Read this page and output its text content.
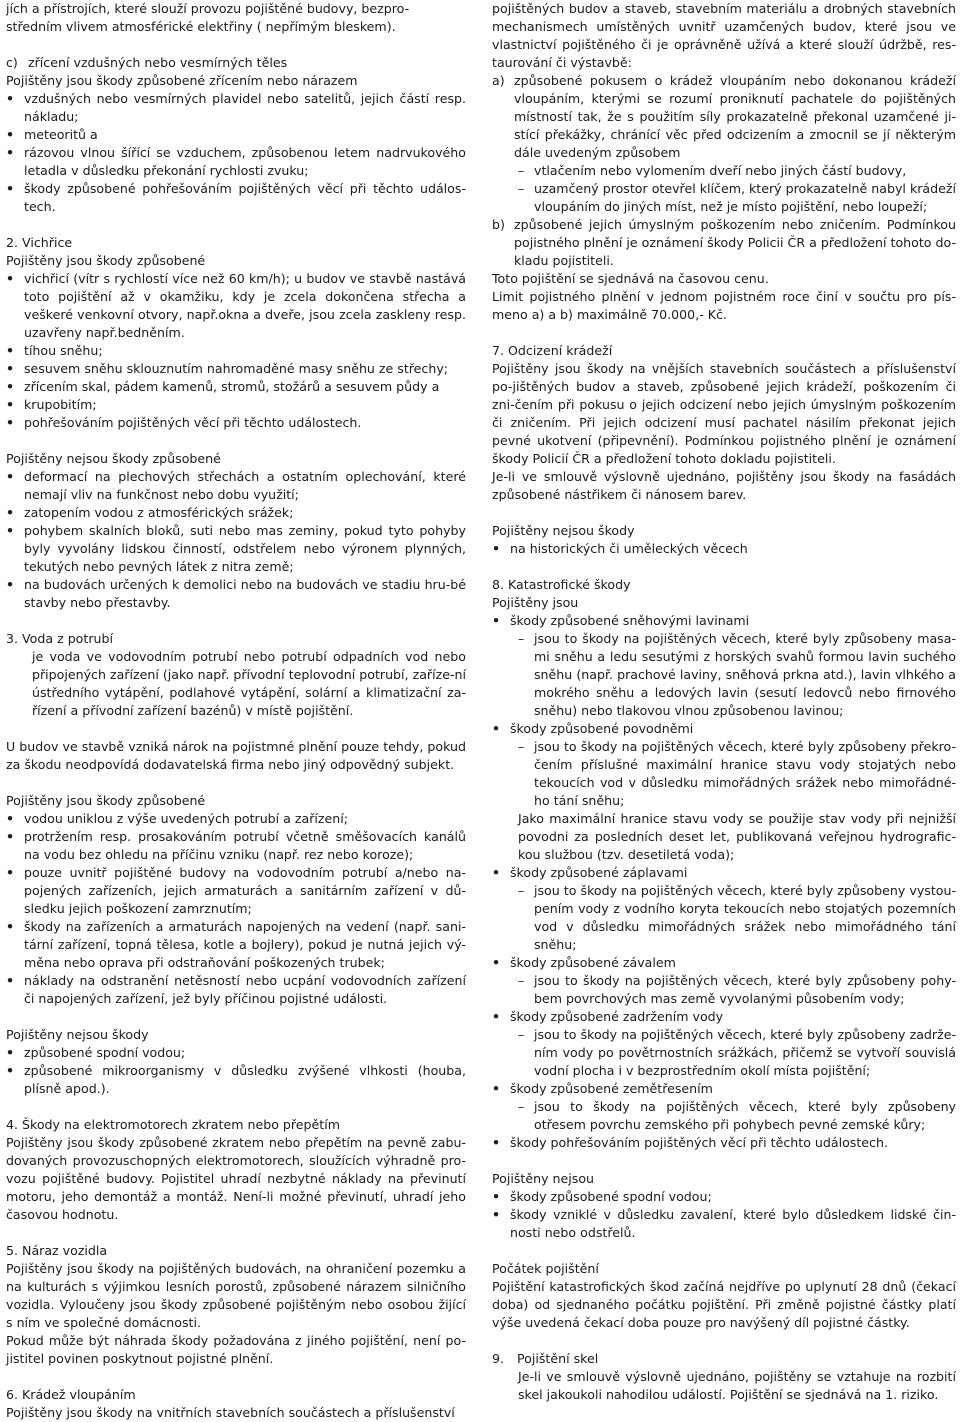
jích a přístrojích, které slouží provozu pojištěné budovy, bezpro-

středním vlivem atmosférické elektřiny ( nepřímým bleskem).

c) zřícení vzdušných nebo vesmírných těles

Pojištěny jsou škody způsobené zřícením nebo nárazem

• vzdušných nebo vesmírných plavidel nebo satelitů, jejich částí resp. nákladu;

• meteoritů a

• rázovou vlnou šířící se vzduchem, způsobenou letem nadrvukového letadla v důsledku překonání rychlosti zvuku;

• škody způsobené pohřešováním pojištěných věcí při těchto událos-tech.

2. Vichřice

Pojištěny jsou škody způsobené

• vichřicí (vítr s rychlostí více než 60 km/h); u budov ve stavbě nastává toto pojištění až v okamžiku, kdy je zcela dokončena střecha a veškeré venkovní otvory, např.okna a dveře, jsou zcela zaskleny resp. uzavřeny např.bedněním.

• tíhou sněhu;

• sesuvem sněhu sklouznutím nahromaděné masy sněhu ze střechy;

• zřícením skal, pádem kamenů, stromů, stožárů a sesuvem půdy a

• krupobitím;

• pohřešováním pojištěných věcí při těchto událostech.

Pojištěny nejsou škody způsobené

• deformací na plechových střechách a ostatním oplechování, které nemají vliv na funkčnost nebo dobu využití;

• zatopením vodou z atmosférických srážek;

• pohybem skalních bloků, suti nebo mas zeminy, pokud tyto pohyby byly vyvolány lidskou činností, odstřelem nebo výronem plynných, tekutých nebo pevných látek z nitra země;

• na budovách určených k demolici nebo na budovách ve stadiu hru-bé stavby nebo přestavby.

3. Voda z potrubí

je voda ve vodovodním potrubí nebo potrubí odpadních vod nebo připojených zařízení (jako např. přívodní teplovodní potrubí, zaříze-ní ústředního vytápění, podlahové vytápění, solární a klimatizační za-řízení a přívodní zařízení bazénů) v místě pojištění.

U budov ve stavbě vzniká nárok na pojistmné plnění pouze tehdy, pokud za škodu neodpovídá dodavatelská firma nebo jiný odpovědný subjekt.

Pojištěny jsou škody způsobené

• vodou uniklou z výše uvedených potrubí a zařízení;

• protržením resp. prosakováním potrubí včetně směšovacích kanálů na vodu bez ohledu na příčinu vzniku (např. rez nebo koroze);

• pouze uvnitř pojištěné budovy na vodovodním potrubí a/nebo na-pojených zařízeních, jejich armaturách a sanitárním zařízení v dů-sledku jejich poškození zamrznutím;

• škody na zařízeních a armaturách napojených na vedení (např. sani-tární zařízení, topná tělesa, kotle a bojlery), pokud je nutná jejich vý-měna nebo oprava při odstraňování poškozených trubek;

• náklady na odstranění netěsností nebo ucpání vodovodních zařízení či napojených zařízení, jež byly příčinou pojistné události.

Pojištěny nejsou škody

• způsobené spodní vodou;

• způsobené mikroorganismy v důsledku zvýšené vlhkosti (houba, plísně apod.).

4. Škody na elektromotorech zkratem nebo přepětím

Pojištěny jsou škody způsobené zkratem nebo přepětím na pevně zabu-dovaných provozuschopných elektromotorech, sloužících výhradně pro-vozu pojištěné budovy. Pojistitel uhradí nezbytné náklady na převinutí motoru, jeho demontáž a montáž. Není-li možné převinutí, uhradí jeho časovou hodnotu.

5. Náraz vozidla

Pojištěny jsou škody na pojištěných budovách, na ohraničení pozemku a na kulturách s výjimkou lesních porostů, způsobené nárazem silničního vozidla. Vyloučeny jsou škody způsobené pojištěným nebo osobou žijící s ním ve společné domácnosti.

Pokud může být náhrada škody požadována z jiného pojištění, není po-jistitel povinen poskytnout pojistné plnění.

6. Krádež vloupáním

Pojištěny jsou škody na vnitřních stavebních součástech a příslušenství

pojištěných budov a staveb, stavebním materiálu a drobných stavebních mechanismech umístěných uvnitř uzamčených budov, které jsou ve vlastnictví pojištěného či je oprávněně užívá a které slouží údržbě, res-taurování či výstavbě:

a) způsobené pokusem o krádež vloupáním nebo dokonanou krádeží vloupáním, kterými se rozumí proniknutí pachatele do pojištěných místností tak, že s použitím síly prokazatelně překonal uzamčené ji-stící překážky, chránící věc před odcizením a zmocnil se jí některým dále uvedeným způsobem

– vtlačením nebo vylomením dveří nebo jiných částí budovy,

– uzamčený prostor otevřel klíčem, který prokazatelně nabyl krádeží vloupáním do jiných míst, než je místo pojištění, nebo loupeží;

b) způsobené jejich úmyslným poškozením nebo zničením. Podmínkou pojistného plnění je oznámení škody Policii ČR a předložení tohoto do-kladu pojistiteli.

Toto pojištění se sjednává na časovou cenu.

Limit pojistného plnění v jednom pojistném roce činí v součtu pro pís-meno a) a b) maximálně 70.000,- Kč.

7. Odcizení krádeží

Pojištěny jsou škody na vnějších stavebních součástech a příslušenství po-jištěných budov a staveb, způsobené jejich krádeží, poškozením či zni-čením při pokusu o jejich odcizení nebo jejich úmyslným poškozením či zničením. Při jejich odcizení musí pachatel násilím překonat jejich pevné ukotvení (připevnění). Podmínkou pojistného plnění je oznámení škody Policií ČR a předložení tohoto dokladu pojistiteli.

Je-li ve smlouvě výslovně ujednáno, pojištěny jsou škody na fasádách způsobené nástřikem či nánosem barev.

Pojištěny nejsou škody

• na historických či uměleckých věcech

8. Katastrofické škody

Pojištěny jsou

• škody způsobené sněhovými lavinami

– jsou to škody na pojištěných věcech, které byly způsobeny masa-mi sněhu a ledu sesutými z horských svahů formou lavin suchého sněhu (např. prachové laviny, sněhová prkna atd.), lavin vlhkého a mokrého sněhu a ledových lavin (sesutí ledovců nebo firnového sněhu) nebo tlakovou vlnou způsobenou lavinou;

• škody způsobené povodněmi

– jsou to škody na pojištěných věcech, které byly způsobeny překro-čením příslušné maximální hranice stavu vody stojatých nebo tekoucích vod v důsledku mimořádných srážek nebo mimořádné-ho tání sněhu;

Jako maximální hranice stavu vody se použije stav vody při nejnižší povodni za posledních deset let, publikovaná veřejnou hydrografic-kou službou (tzv. desetiletá voda);

• škody způsobené záplavami

– jsou to škody na pojištěných věcech, které byly způsobeny vystou-pením vody z vodního koryta tekoucích nebo stojatých pozemních vod v důsledku mimořádných srážek nebo mimořádného tání sněhu;

• škody způsobené závalem

– jsou to škody na pojištěných věcech, které byly způsobeny pohy-bem povrchových mas země vyvolanými působením vody;

• škody způsobené zadržením vody

– jsou to škody na pojištěných věcech, které byly způsobeny zadrže-ním vody po povětrnostních srážkách, přičemž se vytvoří souvislá vodní plocha i v bezprostředním okolí místa pojištění;

• škody způsobené zemětřesením

– jsou to škody na pojištěných věcech, které byly způsobeny otřesem povrchu zemského při pohybech pevné zemské kůry;

• škody pohřešováním pojištěných věcí při těchto událostech.

Pojištěny nejsou

• škody způsobené spodní vodou;

• škody vzniklé v důsledku zavalení, které bylo důsledkem lidské čin-nosti nebo odstřelů.

Počátek pojištění

Pojištění katastrofických škod začíná nejdříve po uplynutí 28 dnů (čekací doba) od sjednaného počátku pojištění. Při změně pojistné částky platí výše uvedená čekací doba pouze pro navýšený díl pojistné částky.

9. Pojištění skel

Je-li ve smlouvě výslovně ujednáno, pojištěny se vztahuje na rozbití skel jakoukoli nahodilou událostí. Pojištění se sjednává na 1. riziko.
